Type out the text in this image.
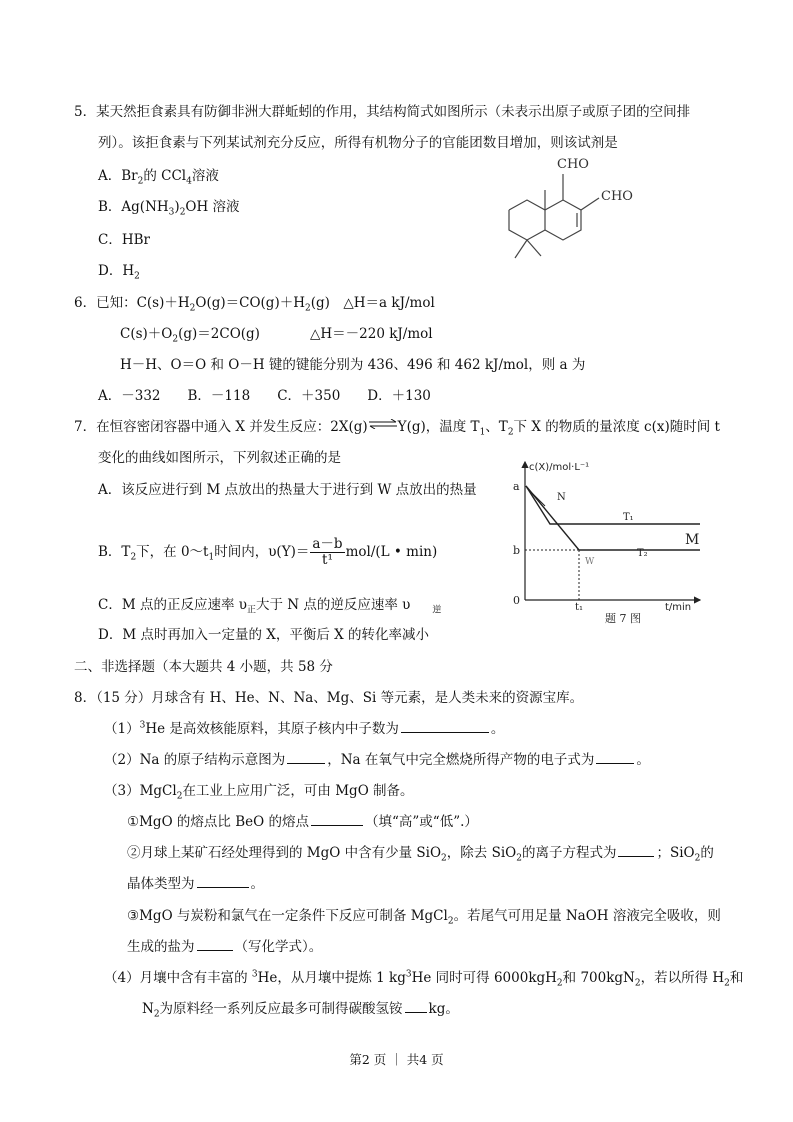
5．某天然拒食素具有防御非洲大群蚯蚓的作用，其结构简式如图所示（未表示出原子或原子团的空间排
列）。该拒食素与下列某试剂充分反应，所得有机物分子的官能团数目增加，则该试剂是
A．$Br_2$的 CCl$_4$溶液
B．$Ag(NH_3)_2OH$ 溶液
C．HBr
D．$H_2$
CHO
CHO
6．已知：$C(s)+H_2O(g)=CO(g)+H_2(g)$　△H＝a kJ/mol
$C(s)+O_2(g)=2CO(g)$	△H＝－220 kJ/mol
H－H、O＝O 和 O－H 键的键能分别为 436、496 和 462 kJ/mol，则 a 为
A．－332　　B．－118　　C．＋350　　D．＋130
7．在恒容密闭容器中通入 X 并发生反应：2X(g)⇌Y(g)，温度 $T_1$、$T_2$下 X 的物质的量浓度 c(x)随时间 t
变化的曲线如图所示，下列叙述正确的是
A．该反应进行到 M 点放出的热量大于进行到 W 点放出的热量
B．$T_2$下，在 $0\sim t_1$时间内，$\upsilon(Y)= \frac{a-b}{\text{t¹}} mol/(L$ • min)
C．M 点的正反应速率 $\upsilon_正$大于 N 点的逆反应速率 υ $_逆$
D．M 点时再加入一定量的 X，平衡后 X 的转化率减小
c(X)/mol·L⁻¹
t/min
a
b
0
t₁
T₁
T₂
N
M
W
题 7 图
二、非选择题（本大题共 4 小题，共 58 分
8．（15 分）月球含有 H、He、N、Na、Mg、Si 等元素，是人类未来的资源宝库。
$(1)^3He$ 是高效核能原料，其原子核内中子数为	。
（2）Na 的原子结构示意图为	，Na 在氧气中完全燃烧所得产物的电子式为	。
（3）MgCl$_2$在工业上应用广泛，可由 MgO 制备。
①MgO 的熔点比 BeO 的熔点	（填“高”或“低”.）
②月球上某矿石经处理得到的 MgO 中含有少量 SiO$_2$，除去 SiO$_2$的离子方程式为	；SiO$_2$的
晶体类型为	。
③MgO 与炭粉和氯气在一定条件下反应可制备 MgCl$_2$。若尾气可用足量 NaOH 溶液完全吸收，则
生成的盐为	（写化学式）。
（4）月壤中含有丰富的 $^3$He，从月壤中提炼 1 $kg^3He$ 同时可得 6000kgH$_2$和 700kgN$_2$，若以所得 $H_2$和
$N_2$为原料经一系列反应最多可制得碳酸氢铵 kg。
第2 页 ｜ 共4 页
